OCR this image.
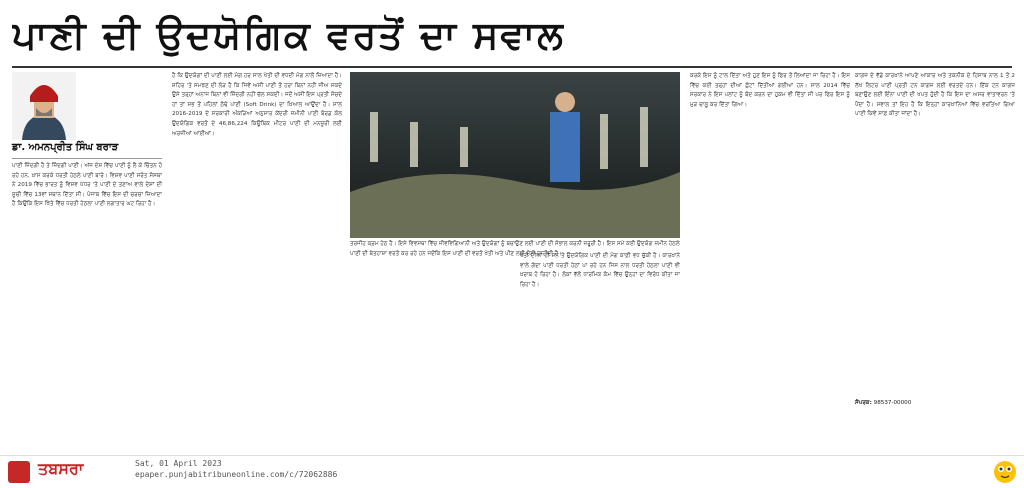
ਪਾਣੀ ਦੀ ਉਦਯੋਗਿਕ ਵਰਤੋਂ ਦਾ ਸਵਾਲ
ਡਾ. ਅਮਨਪ੍ਰੀਤ ਸਿੰਘ ਬਰਾੜ

ਪਾਣੀ ਜ਼ਿੰਦਗੀ ਹੈ ਤੇ ਜ਼ਿੰਦਗੀ ਪਾਣੀ। ਅੱਜ ਦੇਸ਼ ਵਿੱਚ ਪਾਣੀ ਨੂੰ ਲੈ ਕੇ ਚਿੰਤਨ ਹੋ ਰਹੇ ਹਨ, ਖ਼ਾਸ ਕਰਕੇ ਧਰਤੀ ਹੇਠਲੇ ਪਾਣੀ ਬਾਰੇ। ਵਿਸ਼ਵ ਪਾਣੀ ਸਰੋਤ ਸੰਸਥਾ ਨੇ 2019 ਵਿੱਚ ਭਾਰਤ ਨੂੰ ਵਿਸ਼ਵ ਪੱਧਰ 'ਤੇ ਪਾਣੀ ਦੇ ਤਣਾਅ ਵਾਲੇ ਦੇਸ਼ਾਂ ਦੀ ਸੂਚੀ ਵਿੱਚ 13ਵਾਂ ਸਥਾਨ ਦਿੱਤਾ ਸੀ। ਪੰਜਾਬ ਵਿੱਚ ਇਸ ਦੀ ਚਰਚਾ ਜ਼ਿਆਦਾ ਹੈ ਕਿਉਂਕਿ ਇਸ ਖਿੱਤੇ ਵਿੱਚ ਧਰਤੀ ਹੇਠਲਾ ਪਾਣੀ ਲਗਾਤਾਰ ਘਟ ਰਿਹਾ ਹੈ।

ਹੈ ਕਿ ਉਦਯੋਗਾਂ ਦੀ ਪਾਣੀ ਲਈ ਮੰਗ ਹਰ ਸਾਲ ਖੇਤੀ ਦੀ ਵਧਦੀ ਮੰਗ ਨਾਲੋਂ ਜ਼ਿਆਦਾ ਹੈ। ਸ਼ਹਿਰ 'ਤੇ ਸਮਝਣ ਦੀ ਲੋੜ ਹੈ ਕਿ ਜਿਵੇਂ ਅਸੀਂ ਪਾਣੀ ਤੋਂ ਹਰਾ ਬਿਨਾਂ ਨਹੀਂ ਜੀਅ ਸਕਦੇ ਉਸੇ ਤਰ੍ਹਾਂ ਅਨਾਜ ਬਿਨਾਂ ਵੀ ਜ਼ਿੰਦਗੀ ਨਹੀਂ ਚੱਲ ਸਕਦੀ। ਜਦੋਂ ਅਸੀਂ ਇਸ ਪ੍ਰਤੀ ਸੋਚਦੇ ਹਾਂ ਤਾਂ ਸਭ ਤੋਂ ਪਹਿਲਾਂ ਠੰਢੇ ਪਾਣੀ (Soft Drink) ਦਾ ਖ਼ਿਆਲ ਆਉਂਦਾ ਹੈ। ਸਾਲ 2016-2019 ਦੇ ਸਰਕਾਰੀ ਅੰਕੜਿਆਂ ਅਨੁਸਾਰ ਕੇਂਦਰੀ ਜ਼ਮੀਨੀ ਪਾਣੀ ਬੋਰਡ ਕੋਲ ਉਦਯੋਗਿਕ ਵਰਤੋਂ ਦੇ 46,86,224 ਕਿਊਬਿਕ ਮੀਟਰ ਪਾਣੀ ਦੀ ਮਨਜ਼ੂਰੀ ਲਈ ਅਰਜ਼ੀਆਂ ਆਈਆਂ।

ਤਰਜੀਹ ਕ੍ਰਮ ਹੇਠ ਹੈ। ਇਸੇ ਵਿਵਸਥਾ ਵਿੱਚ ਜੀਵਵਿਗਿਆਨੀ ਅਤੇ ਉਦਯੋਗਾਂ ਨੂੰ ਬਚਾਉਣ ਲਈ ਪਾਣੀ ਦੀ ਸੰਭਾਲ ਕਰਨੀ ਜ਼ਰੂਰੀ ਹੈ। ਇਸ ਸਮੇਂ ਕਈ ਉਦਯੋਗ ਜ਼ਮੀਨ ਹੇਠਲੇ ਪਾਣੀ ਦੀ ਬੇਤਹਾਸ਼ਾ ਵਰਤੋਂ ਕਰ ਰਹੇ ਹਨ ਜਦੋਂਕਿ ਇਸ ਪਾਣੀ ਦੀ ਵਰਤੋਂ ਖੇਤੀ ਅਤੇ ਪੀਣ ਲਈ ਹੋਣੀ ਚਾਹੀਦੀ ਹੈ।

ਖੇਤੀ ਦੀਆਂ ਹੀ ਸਨ ਤੇ ਉਦਯੋਗਿਕ ਪਾਣੀ ਦੀ ਮੰਗ ਕਾਫ਼ੀ ਵਧ ਚੁੱਕੀ ਹੈ। ਕਾਰਖ਼ਾਨੇ ਵਾਲੇ ਗੰਦਾ ਪਾਣੀ ਧਰਤੀ ਹੇਠਾਂ ਪਾ ਰਹੇ ਹਨ ਜਿਸ ਨਾਲ ਧਰਤੀ ਹੇਠਲਾ ਪਾਣੀ ਵੀ ਖ਼ਰਾਬ ਹੋ ਰਿਹਾ ਹੈ। ਲੋਕਾਂ ਵੱਲੋਂ ਧਾਰਮਿਕ ਕੰਮ ਵਿੱਚ ਉਨ੍ਹਾਂ ਦਾ ਵਿਰੋਧ ਕੀਤਾ ਜਾ ਰਿਹਾ ਹੈ।

ਕਰਕੇ ਇਸ ਨੂੰ ਟਾਲ ਦਿੱਤਾ ਅਤੇ ਹੁਣ ਇਸ ਨੂੰ ਫਿਰ ਤੋਂ ਲਿਆਂਦਾ ਜਾ ਰਿਹਾ ਹੈ। ਇਸ ਵਿੱਚ ਕਈ ਤਰ੍ਹਾਂ ਦੀਆਂ ਛੋਟਾਂ ਦਿੱਤੀਆਂ ਗਈਆਂ ਹਨ। ਸਾਲ 2014 ਵਿੱਚ ਸਰਕਾਰ ਨੇ ਇਸ ਪਲਾਂਟ ਨੂੰ ਬੰਦ ਕਰਨ ਦਾ ਹੁਕਮ ਵੀ ਦਿੱਤਾ ਸੀ ਪਰ ਫਿਰ ਇਸ ਨੂੰ ਮੁੜ ਚਾਲੂ ਕਰ ਦਿੱਤਾ ਗਿਆ।

ਕਾਗਜ਼ ਦੇ ਵੱਡੇ ਕਾਰਖ਼ਾਨੇ ਆਪਣੇ ਆਕਾਰ ਅਤੇ ਤਕਨੀਕ ਦੇ ਹਿਸਾਬ ਨਾਲ 1 ਤੋਂ 2 ਲੱਖ ਲਿਟਰ ਪਾਣੀ ਪ੍ਰਤੀ ਟਨ ਕਾਗਜ਼ ਲਈ ਵਰਤਦੇ ਹਨ। ਇੱਕ ਟਨ ਕਾਗਜ਼ ਬਣਾਉਣ ਲਈ ਇੰਨਾ ਪਾਣੀ ਦੀ ਖਪਤ ਹੁੰਦੀ ਹੈ ਕਿ ਇਸ ਦਾ ਅਸਰ ਵਾਤਾਵਰਨ 'ਤੇ ਪੈਂਦਾ ਹੈ। ਸਵਾਲ ਤਾਂ ਇਹ ਹੈ ਕਿ ਇਨ੍ਹਾਂ ਕਾਰਖ਼ਾਨਿਆਂ ਵਿੱਚ ਵਰਤਿਆ ਗਿਆ ਪਾਣੀ ਕਿਵੇਂ ਸਾਫ਼ ਕੀਤਾ ਜਾਂਦਾ ਹੈ।

ਸੰਪਰਕ: 98537-00000
ਤਬਸਰਾ	Sat, 01 April 2023
epaper.punjabitribuneonline.com/c/72062886
